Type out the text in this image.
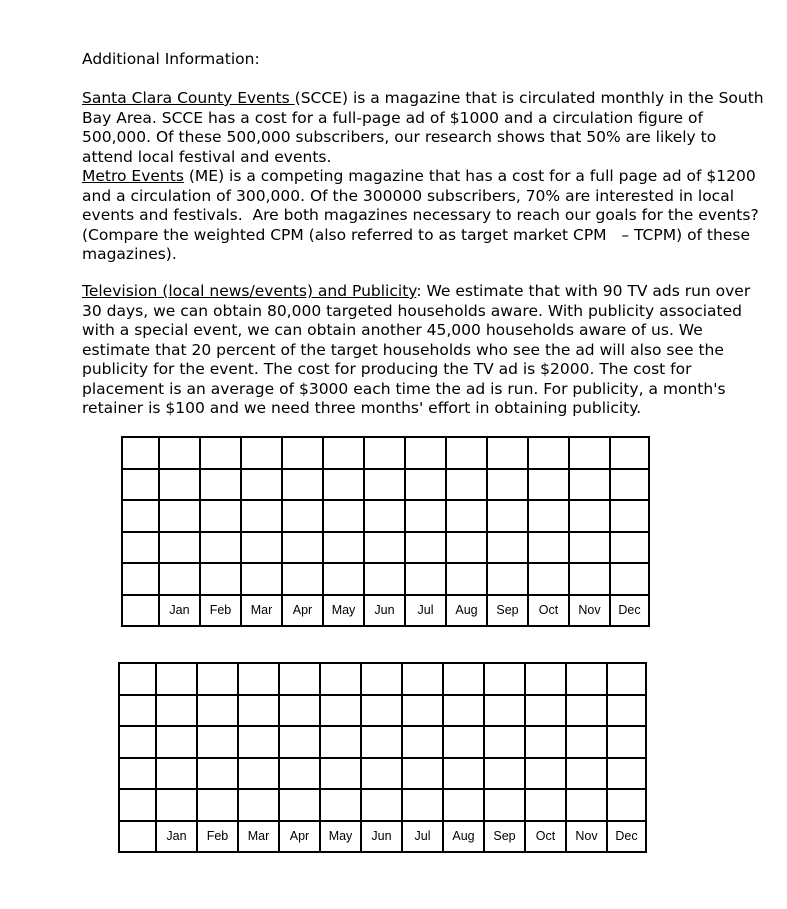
Additional Information:
Santa Clara County Events (SCCE) is a magazine that is circulated monthly in the South
Bay Area. SCCE has a cost for a full-page ad of $1000 and a circulation figure of
500,000. Of these 500,000 subscribers, our research shows that 50% are likely to
attend local festival and events.
Metro Events (ME) is a competing magazine that has a cost for a full page ad of $1200
and a circulation of 300,000. Of the 300000 subscribers, 70% are interested in local
events and festivals.  Are both magazines necessary to reach our goals for the events?
(Compare the weighted CPM (also referred to as target market CPM   – TCPM) of these
magazines).
Television (local news/events) and Publicity: We estimate that with 90 TV ads run over
30 days, we can obtain 80,000 targeted households aware. With publicity associated
with a special event, we can obtain another 45,000 households aware of us. We
estimate that 20 percent of the target households who see the ad will also see the
publicity for the event. The cost for producing the TV ad is $2000. The cost for
placement is an average of $3000 each time the ad is run. For publicity, a month's
retainer is $100 and we need three months' effort in obtaining publicity.

	Jan	Feb	Mar	Apr	May	Jun	Jul	Aug	Sep	Oct	Nov	Dec

	Jan	Feb	Mar	Apr	May	Jun	Jul	Aug	Sep	Oct	Nov	Dec
